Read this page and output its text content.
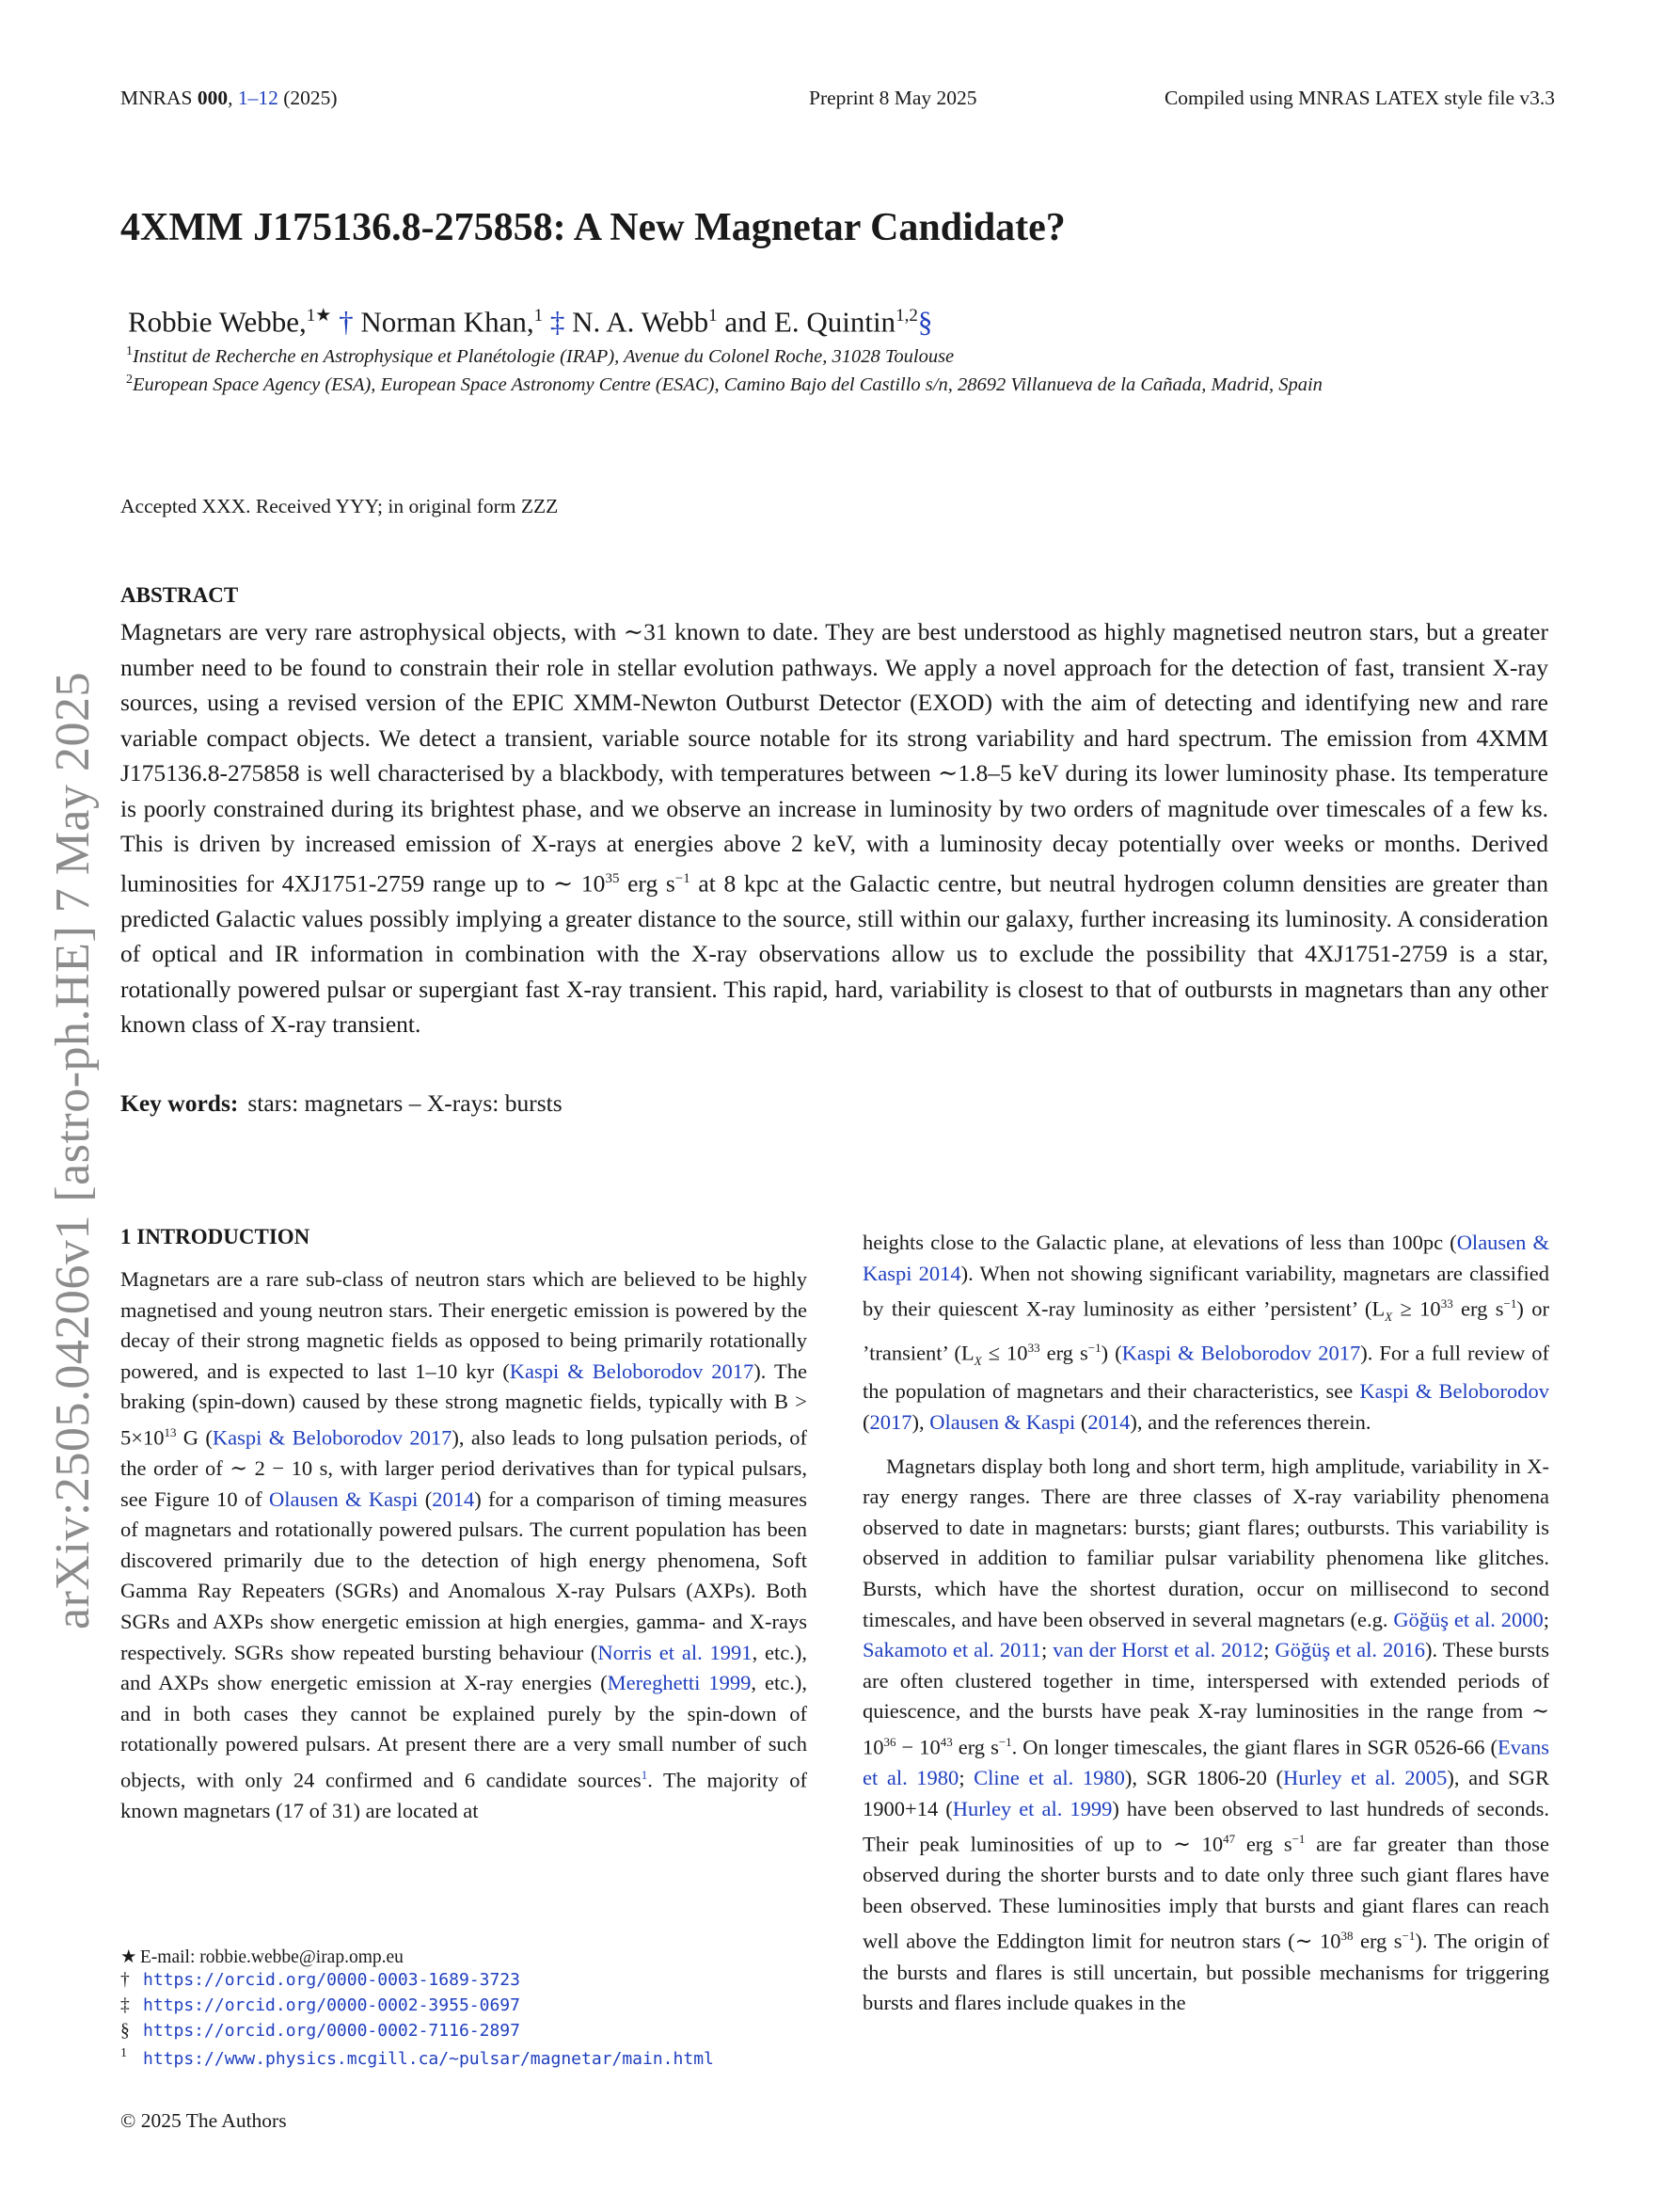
MNRAS 000, 1–12 (2025)	Preprint 8 May 2025	Compiled using MNRAS LATEX style file v3.3
arXiv:2505.04206v1 [astro-ph.HE] 7 May 2025
4XMM J175136.8-275858: A New Magnetar Candidate?
Robbie Webbe,$^{1★}$ † Norman Khan,$^1$ ‡ N. A. Webb$^1$ and E. Quintin$^{1,2}$§
$^1$Institut de Recherche en Astrophysique et Planétologie (IRAP), Avenue du Colonel Roche, 31028 Toulouse
$^2$European Space Agency (ESA), European Space Astronomy Centre (ESAC), Camino Bajo del Castillo s/n, 28692 Villanueva de la Cañada, Madrid, Spain
Accepted XXX. Received YYY; in original form ZZZ
ABSTRACT
Magnetars are very rare astrophysical objects, with ∼31 known to date. They are best understood as highly magnetised neutron stars, but a greater number need to be found to constrain their role in stellar evolution pathways. We apply a novel approach for the detection of fast, transient X-ray sources, using a revised version of the EPIC XMM-Newton Outburst Detector (EXOD) with the aim of detecting and identifying new and rare variable compact objects. We detect a transient, variable source notable for its strong variability and hard spectrum. The emission from 4XMM J175136.8-275858 is well characterised by a blackbody, with temperatures between ∼1.8–5 keV during its lower luminosity phase. Its temperature is poorly constrained during its brightest phase, and we observe an increase in luminosity by two orders of magnitude over timescales of a few ks. This is driven by increased emission of X-rays at energies above 2 keV, with a luminosity decay potentially over weeks or months. Derived luminosities for 4XJ1751-2759 range up to ∼ $10^{35}$ erg $s^{-1}$ at 8 kpc at the Galactic centre, but neutral hydrogen column densities are greater than predicted Galactic values possibly implying a greater distance to the source, still within our galaxy, further increasing its luminosity. A consideration of optical and IR information in combination with the X-ray observations allow us to exclude the possibility that 4XJ1751-2759 is a star, rotationally powered pulsar or supergiant fast X-ray transient. This rapid, hard, variability is closest to that of outbursts in magnetars than any other known class of X-ray transient.
Key words: stars: magnetars – X-rays: bursts
1 INTRODUCTION

Magnetars are a rare sub-class of neutron stars which are believed to be highly magnetised and young neutron stars. Their energetic emission is powered by the decay of their strong magnetic fields as opposed to being primarily rotationally powered, and is expected to last 1–10 kyr (Kaspi & Beloborodov 2017). The braking (spin-down) caused by these strong magnetic fields, typically with $B > 5\times 10^{13}$ G (Kaspi & Beloborodov 2017), also leads to long pulsation periods, of the order of ∼ 2 − 10 s, with larger period derivatives than for typical pulsars, see Figure 10 of Olausen & Kaspi (2014) for a comparison of timing measures of magnetars and rotationally powered pulsars. The current population has been discovered primarily due to the detection of high energy phenomena, Soft Gamma Ray Repeaters (SGRs) and Anomalous X-ray Pulsars (AXPs). Both SGRs and AXPs show energetic emission at high energies, gamma- and X-rays respectively. SGRs show repeated bursting behaviour (Norris et al. 1991, etc.), and AXPs show energetic emission at X-ray energies (Mereghetti 1999, etc.), and in both cases they cannot be explained purely by the spin-down of rotationally powered pulsars. At present there are a very small number of such objects, with only 24 confirmed and 6 candidate sources$^1$. The majority of known magnetars (17 of 31) are located at

heights close to the Galactic plane, at elevations of less than 100pc (Olausen & Kaspi 2014). When not showing significant variability, magnetars are classified by their quiescent X-ray luminosity as either ’persistent’ ($L_X \ge 10^{33}$ erg $s^{-1}$) or ’transient’ ($L_X \le 10^{33}$ erg $s^{-1}$) (Kaspi & Beloborodov 2017). For a full review of the population of magnetars and their characteristics, see Kaspi & Beloborodov (2017), Olausen & Kaspi (2014), and the references therein.

Magnetars display both long and short term, high amplitude, variability in X-ray energy ranges. There are three classes of X-ray variability phenomena observed to date in magnetars: bursts; giant flares; outbursts. This variability is observed in addition to familiar pulsar variability phenomena like glitches. Bursts, which have the shortest duration, occur on millisecond to second timescales, and have been observed in several magnetars (e.g. Göğüş et al. 2000; Sakamoto et al. 2011; van der Horst et al. 2012; Göğüş et al. 2016). These bursts are often clustered together in time, interspersed with extended periods of quiescence, and the bursts have peak X-ray luminosities in the range from ∼ $10^{36} - 10^{43}$ erg $s^{-1}$. On longer timescales, the giant flares in SGR 0526-66 (Evans et al. 1980; Cline et al. 1980), SGR 1806-20 (Hurley et al. 2005), and SGR 1900+14 (Hurley et al. 1999) have been observed to last hundreds of seconds. Their peak luminosities of up to ∼ $10^{47}$ erg $s^{-1}$ are far greater than those observed during the shorter bursts and to date only three such giant flares have been observed. These luminosities imply that bursts and giant flares can reach well above the Eddington limit for neutron stars (∼ $10^{38}$ erg $s^{-1}$). The origin of the bursts and flares is still uncertain, but possible mechanisms for triggering bursts and flares include quakes in the

★ E-mail: robbie.webbe@irap.omp.eu
† https://orcid.org/0000-0003-1689-3723
‡ https://orcid.org/0000-0002-3955-0697
§ https://orcid.org/0000-0002-7116-2897
1 https://www.physics.mcgill.ca/~pulsar/magnetar/main.html
© 2025 The Authors
